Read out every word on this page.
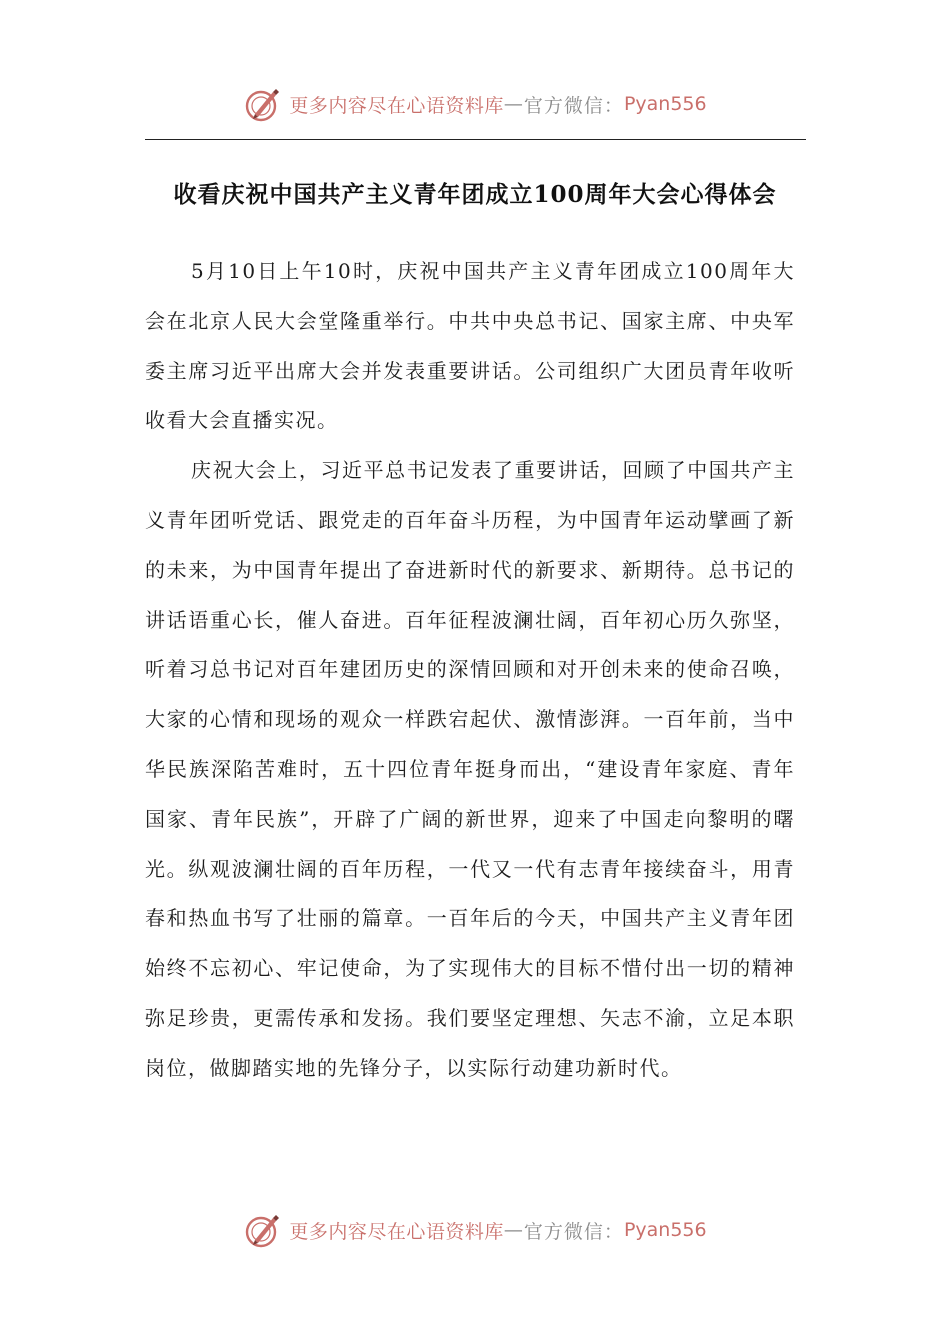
更多内容尽在心语资料库 — 官方微信： Pyan556
收看庆祝中国共产主义青年团成立100周年大会心得体会

5月10日上午10时，庆祝中国共产主义青年团成立100周年大会在北京人民大会堂隆重举行。中共中央总书记、国家主席、中央军委主席习近平出席大会并发表重要讲话。公司组织广大团员青年收听收看大会直播实况。

庆祝大会上，习近平总书记发表了重要讲话，回顾了中国共产主义青年团听党话、跟党走的百年奋斗历程，为中国青年运动擘画了新的未来，为中国青年提出了奋进新时代的新要求、新期待。总书记的讲话语重心长，催人奋进。百年征程波澜壮阔，百年初心历久弥坚，听着习总书记对百年建团历史的深情回顾和对开创未来的使命召唤，大家的心情和现场的观众一样跌宕起伏、激情澎湃。一百年前，当中华民族深陷苦难时，五十四位青年挺身而出，“建设青年家庭、青年国家、青年民族”，开辟了广阔的新世界，迎来了中国走向黎明的曙光。纵观波澜壮阔的百年历程，一代又一代有志青年接续奋斗，用青春和热血书写了壮丽的篇章。一百年后的今天，中国共产主义青年团始终不忘初心、牢记使命，为了实现伟大的目标不惜付出一切的精神弥足珍贵，更需传承和发扬。我们要坚定理想、矢志不渝，立足本职岗位，做脚踏实地的先锋分子，以实际行动建功新时代。

更多内容尽在心语资料库 — 官方微信： Pyan556
